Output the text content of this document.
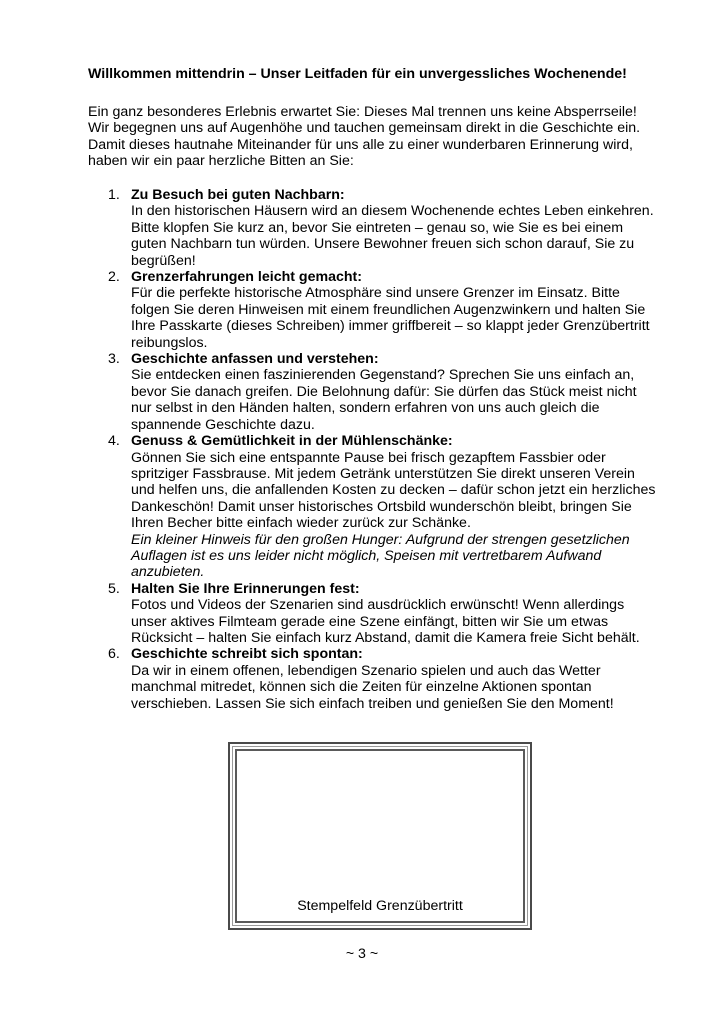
Willkommen mittendrin – Unser Leitfaden für ein unvergessliches Wochenende!

Ein ganz besonderes Erlebnis erwartet Sie: Dieses Mal trennen uns keine Absperrseile!

Wir begegnen uns auf Augenhöhe und tauchen gemeinsam direkt in die Geschichte ein.

Damit dieses hautnahe Miteinander für uns alle zu einer wunderbaren Erinnerung wird,

haben wir ein paar herzliche Bitten an Sie:

1. Zu Besuch bei guten Nachbarn:
In den historischen Häusern wird an diesem Wochenende echtes Leben einkehren.
Bitte klopfen Sie kurz an, bevor Sie eintreten – genau so, wie Sie es bei einem
guten Nachbarn tun würden. Unsere Bewohner freuen sich schon darauf, Sie zu
begrüßen!
2. Grenzerfahrungen leicht gemacht:
Für die perfekte historische Atmosphäre sind unsere Grenzer im Einsatz. Bitte
folgen Sie deren Hinweisen mit einem freundlichen Augenzwinkern und halten Sie
Ihre Passkarte (dieses Schreiben) immer griffbereit – so klappt jeder Grenzübertritt
reibungslos.
3. Geschichte anfassen und verstehen:
Sie entdecken einen faszinierenden Gegenstand? Sprechen Sie uns einfach an,
bevor Sie danach greifen. Die Belohnung dafür: Sie dürfen das Stück meist nicht
nur selbst in den Händen halten, sondern erfahren von uns auch gleich die
spannende Geschichte dazu.
4. Genuss & Gemütlichkeit in der Mühlenschänke:
Gönnen Sie sich eine entspannte Pause bei frisch gezapftem Fassbier oder
spritziger Fassbrause. Mit jedem Getränk unterstützen Sie direkt unseren Verein
und helfen uns, die anfallenden Kosten zu decken – dafür schon jetzt ein herzliches
Dankeschön! Damit unser historisches Ortsbild wunderschön bleibt, bringen Sie
Ihren Becher bitte einfach wieder zurück zur Schänke.
Ein kleiner Hinweis für den großen Hunger: Aufgrund der strengen gesetzlichen
Auflagen ist es uns leider nicht möglich, Speisen mit vertretbarem Aufwand
anzubieten.
5. Halten Sie Ihre Erinnerungen fest:
Fotos und Videos der Szenarien sind ausdrücklich erwünscht! Wenn allerdings
unser aktives Filmteam gerade eine Szene einfängt, bitten wir Sie um etwas
Rücksicht – halten Sie einfach kurz Abstand, damit die Kamera freie Sicht behält.
6. Geschichte schreibt sich spontan:
Da wir in einem offenen, lebendigen Szenario spielen und auch das Wetter
manchmal mitredet, können sich die Zeiten für einzelne Aktionen spontan
verschieben. Lassen Sie sich einfach treiben und genießen Sie den Moment!
Stempelfeld Grenzübertritt
~ 3 ~
